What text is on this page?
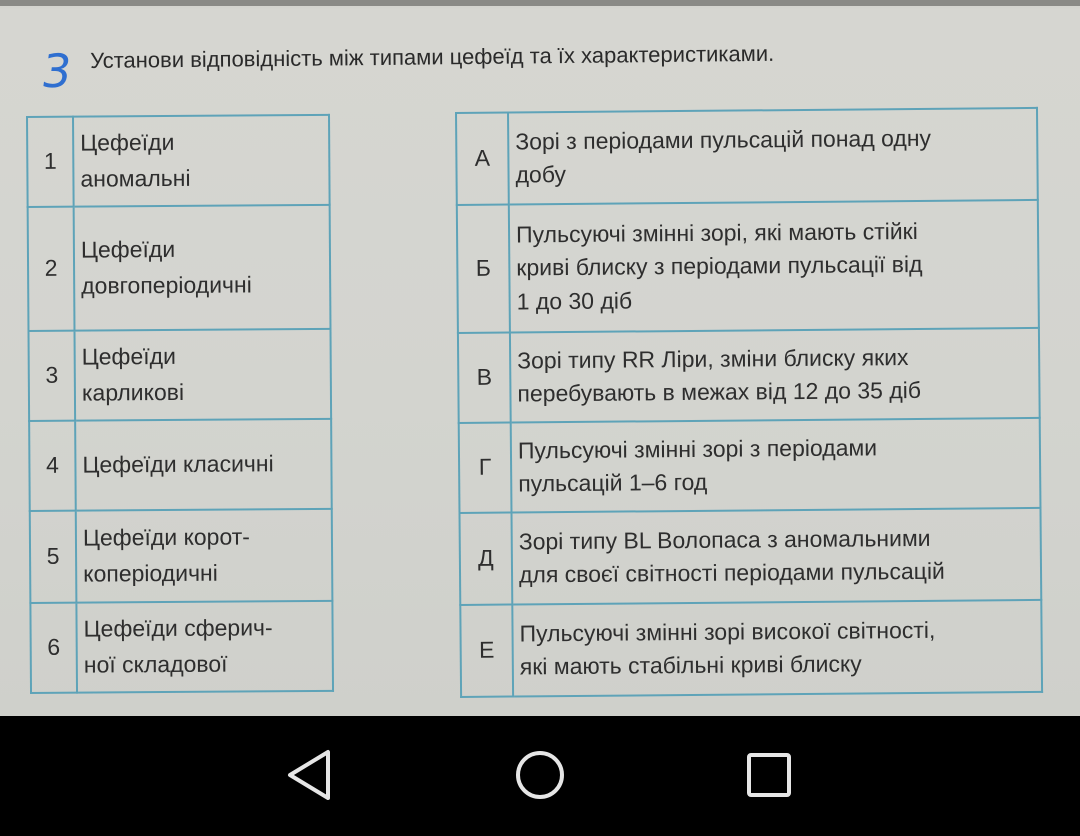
3 Установи відповідність між типами цефеїд та їх характеристиками.
1	Цефеїди
аномальні

2	Цефеїди
довгоперіодичні

3	Цефеїди
карликові

4	Цефеїди класичні

5	Цефеїди корот-
коперіодичні

6	Цефеїди сферич-
ної складової
А	Зорі з періодами пульсацій понад одну
добу

Б	Пульсуючі змінні зорі, які мають стійкі
криві блиску з періодами пульсації від
1 до 30 діб

В	Зорі типу RR Ліри, зміни блиску яких
перебувають в межах від 12 до 35 діб

Г	Пульсуючі змінні зорі з періодами
пульсацій 1–6 год

Д	Зорі типу BL Волопаса з аномальними
для своєї світності періодами пульсацій

Е	Пульсуючі змінні зорі високої світності,
які мають стабільні криві блиску
